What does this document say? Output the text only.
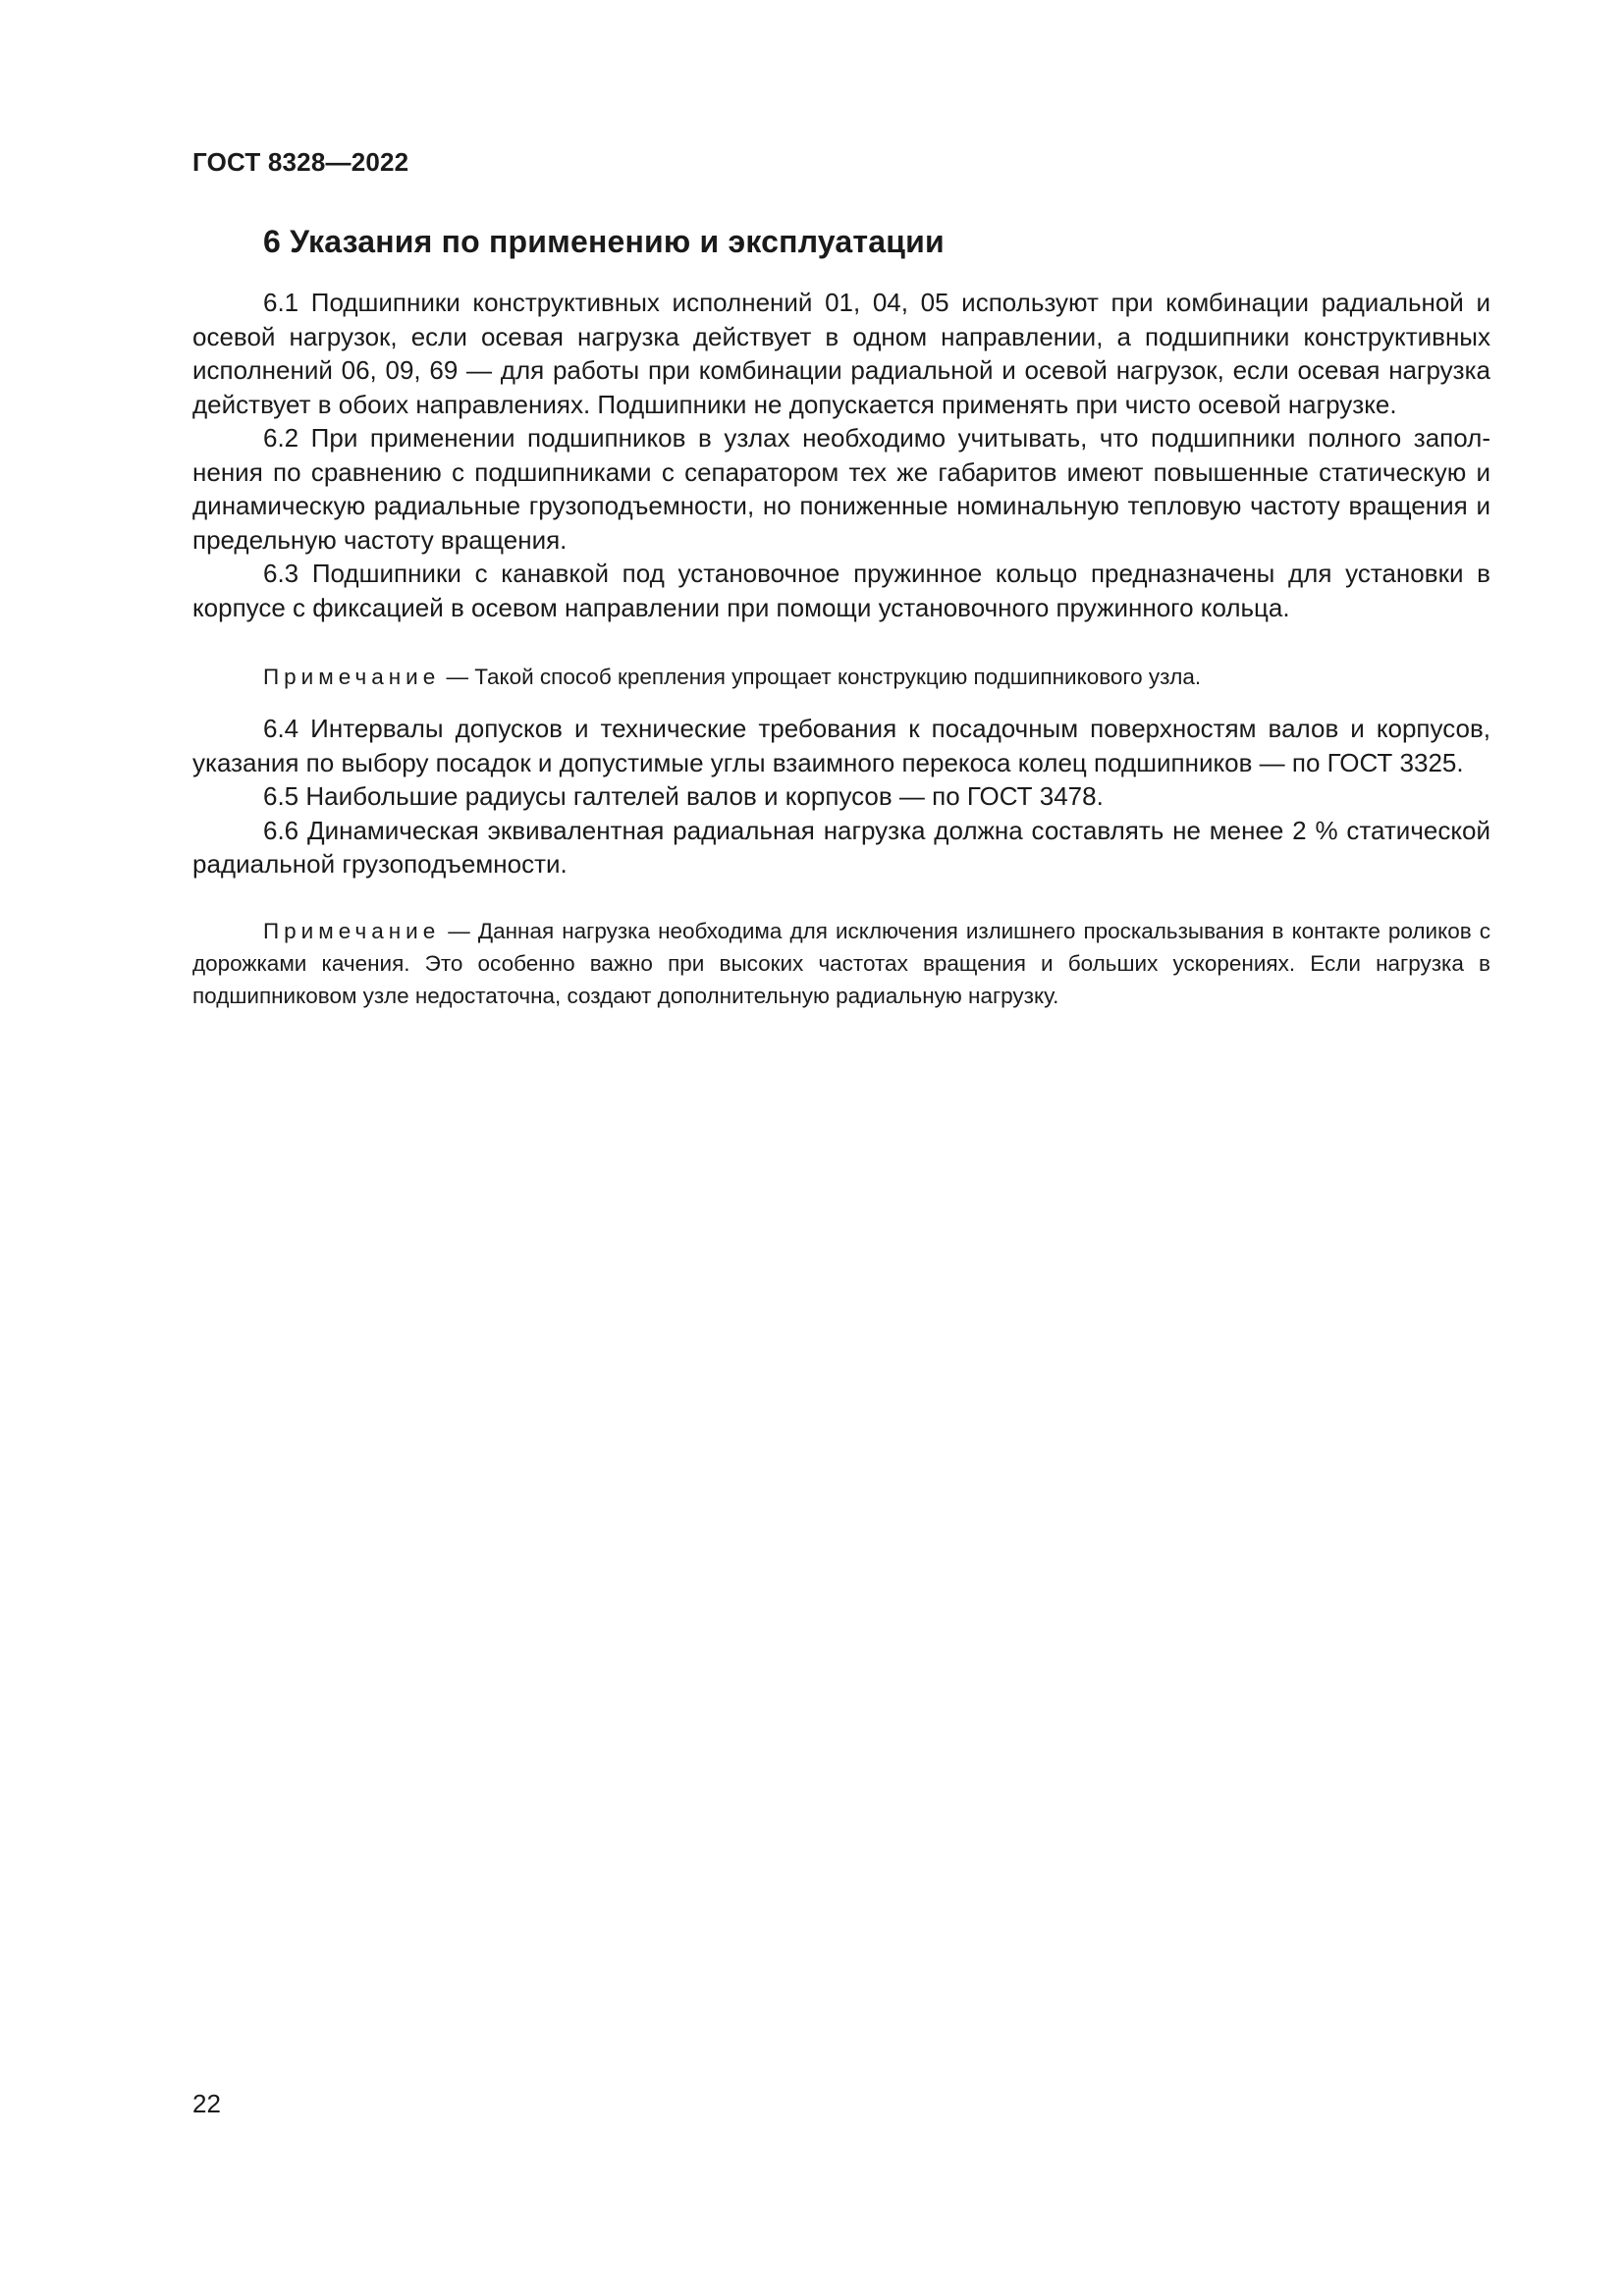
ГОСТ 8328—2022
6 Указания по применению и эксплуатации

6.1 Подшипники конструктивных исполнений 01, 04, 05 используют при комбинации радиальной и осевой нагрузок, если осевая нагрузка действует в одном направлении, а подшипники конструктивных исполнений 06, 09, 69 — для работы при комбинации радиальной и осевой нагрузок, если осевая нагрузка действует в обоих направлениях. Подшипники не допускается применять при чисто осевой нагрузке.

6.2 При применении подшипников в узлах необходимо учитывать, что подшипники полного заполнения по сравнению с подшипниками с сепаратором тех же габаритов имеют повышенные статическую и динамическую радиальные грузоподъемности, но пониженные номинальную тепловую частоту вращения и предельную частоту вращения.

6.3 Подшипники с канавкой под установочное пружинное кольцо предназначены для установки в корпусе с фиксацией в осевом направлении при помощи установочного пружинного кольца.

Примечание — Такой способ крепления упрощает конструкцию подшипникового узла.

6.4 Интервалы допусков и технические требования к посадочным поверхностям валов и корпусов, указания по выбору посадок и допустимые углы взаимного перекоса колец подшипников — по ГОСТ 3325.

6.5 Наибольшие радиусы галтелей валов и корпусов — по ГОСТ 3478.

6.6 Динамическая эквивалентная радиальная нагрузка должна составлять не менее 2 % статической радиальной грузоподъемности.

Примечание — Данная нагрузка необходима для исключения излишнего проскальзывания в контакте роликов с дорожками качения. Это особенно важно при высоких частотах вращения и больших ускорениях. Если нагрузка в подшипниковом узле недостаточна, создают дополнительную радиальную нагрузку.

22
